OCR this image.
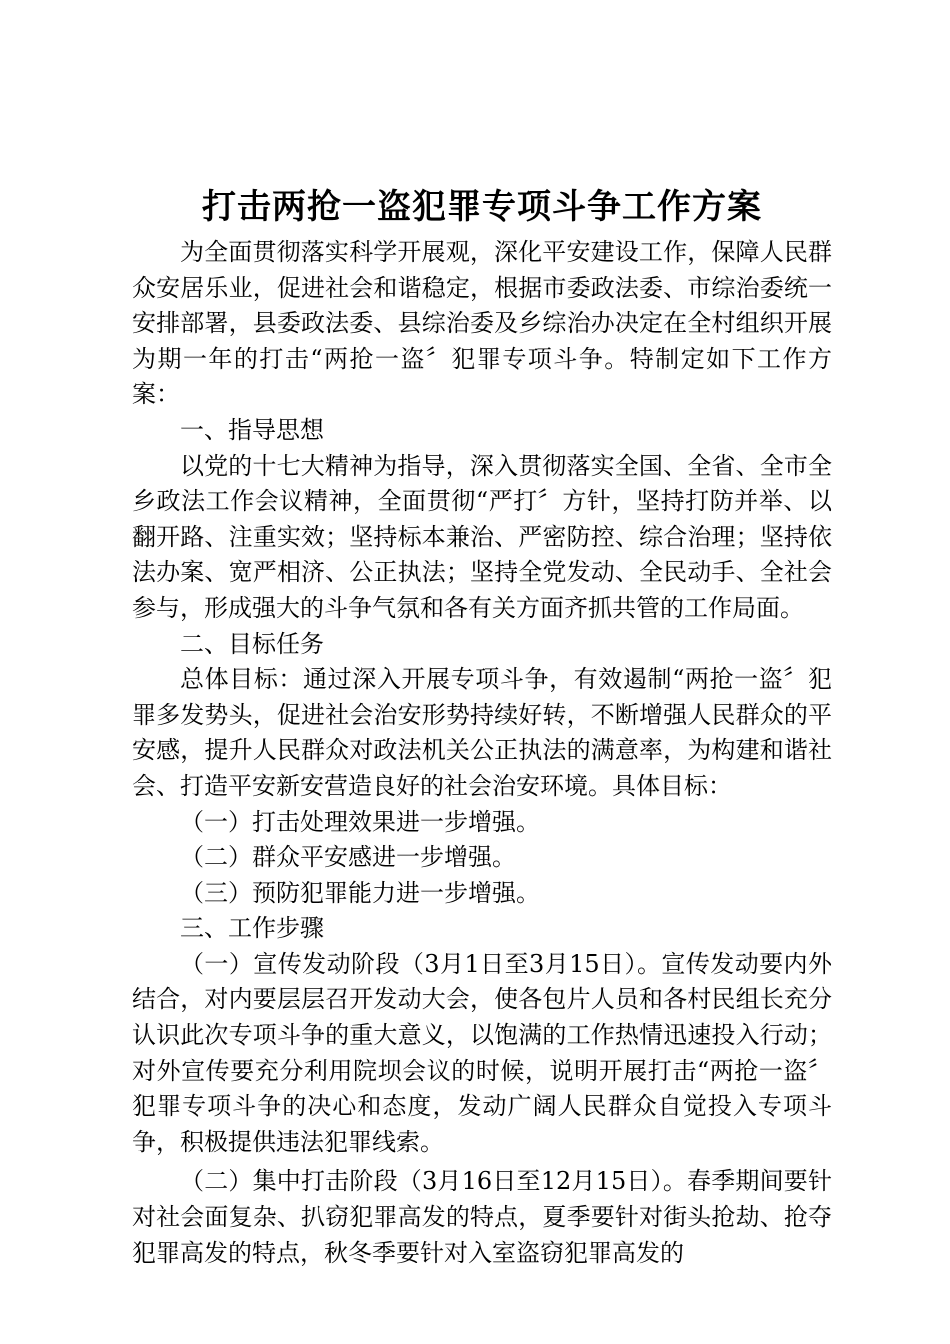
打击两抢一盗犯罪专项斗争工作方案

为全面贯彻落实科学开展观，深化平安建设工作，保障人民群众安居乐业，促进社会和谐稳定，根据市委政法委、市综治委统一安排部署，县委政法委、县综治委及乡综治办决定在全村组织开展为期一年的打击“两抢一盗〞犯罪专项斗争。特制定如下工作方案：

一、指导思想

以党的十七大精神为指导，深入贯彻落实全国、全省、全市全乡政法工作会议精神，全面贯彻“严打〞方针，坚持打防并举、以翻开路、注重实效；坚持标本兼治、严密防控、综合治理；坚持依法办案、宽严相济、公正执法；坚持全党发动、全民动手、全社会参与，形成强大的斗争气氛和各有关方面齐抓共管的工作局面。

二、目标任务

总体目标：通过深入开展专项斗争，有效遏制“两抢一盗〞犯罪多发势头，促进社会治安形势持续好转，不断增强人民群众的平安感，提升人民群众对政法机关公正执法的满意率，为构建和谐社会、打造平安新安营造良好的社会治安环境。具体目标：

（一）打击处理效果进一步增强。

（二）群众平安感进一步增强。

（三）预防犯罪能力进一步增强。

三、工作步骤

（一）宣传发动阶段（3月1日至3月15日）。宣传发动要内外结合，对内要层层召开发动大会，使各包片人员和各村民组长充分认识此次专项斗争的重大意义，以饱满的工作热情迅速投入行动；对外宣传要充分利用院坝会议的时候，说明开展打击“两抢一盗〞犯罪专项斗争的决心和态度，发动广阔人民群众自觉投入专项斗争，积极提供违法犯罪线索。

（二）集中打击阶段（3月16日至12月15日）。春季期间要针对社会面复杂、扒窃犯罪高发的特点，夏季要针对街头抢劫、抢夺犯罪高发的特点，秋冬季要针对入室盗窃犯罪高发的
